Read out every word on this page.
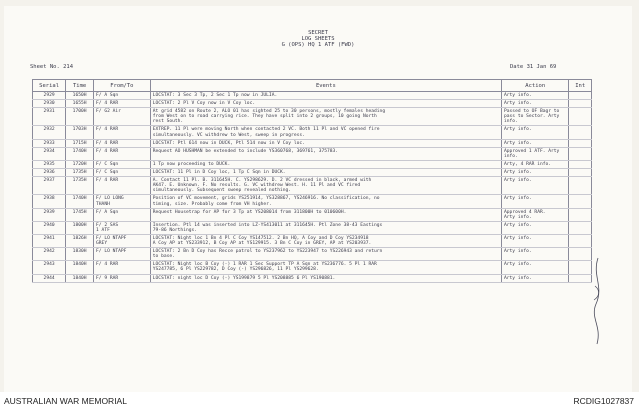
SECRET
LOG SHEETS
G (OPS) HQ 1 ATF (FWD)
Sheet No. 214	Date 31 Jan 69
Serial	Time	From/To	Events	Action	Int
2929	1650H	F/ A Sqn	LOCSTAT: 3 Sec 3 Tp, 2 Sec 1 Tp now in JULIA.	Arty info.	
2930	1655H	F/ 4 RAR	LOCSTAT: 2 Pl V Coy now in V Coy loc.	Arty info.	
2931	1700H	F/ G2 Air	At grid 4582 on Route 2, ALO 01 has sighted 25 to 30 persons, mostly females heading
from West on to road carrying rice. They have split into 2 groups, 10 going North
rest South.	Passed to OF Bagr to
pass to Sector. Arty
info.	
2932	1703H	F/ 4 RAR	EXTREP. 11 Pl were moving North when contacted 2 VC. Both 11 Pl and VC opened fire
simultaneously. VC withdrew to West, sweep in progress.	Arty info.	
2933	1715H	F/ 4 RAR	LOCSTAT: Ptl 614 now in DUCK, Ptl 514 now in V Coy loc.	Arty info.	
2934	1740H	F/ 4 RAR	Request AO HUSHMAN be extended to include YS360768, 369761, 375783.	Approved 1 ATF. Arty
info.	
2935	1720H	F/ C Sqn	1 Tp now proceeding to DUCK.	Arty, 4 RAR info.	
2936	1735H	F/ C Sqn	LOCSTAT: 11 Pl in D Coy loc, 1 Tp C Sqn in DUCK.	Arty info.	
2937	1735H	F/ 4 RAR	A. Contact 11 Pl. B. 311645H. C. YS298629. D. 2 VC dressed in black, armed with
AK47. E. Unknown. F. No results. G. VC withdrew West. H. 11 Pl and VC fired
simultaneously. Subsequent sweep revealed nothing.	Arty info.	
2938	1740H	F/ LO LONG
THANH	Position of VC movement, grids YS251914, YS328867, YS246916. No classification, no
timing, size. Probably come from VH higher.	Arty info.	
2939	1745H	F/ A Sqn	Request Housetrap for AP for 3 Tp at YS208014 from 311800H to 010600H.	Approved 4 RAR.
Arty info.	
2940	1800H	F/ 2 SAS
1 ATF	Insertion. Ptl 14 was inserted into LZ-YS413011 at 311645H. Ptl Zone 38-43 Eastings
79-86 Northings.	Arty info.	
2941	1826H	F/ LO NTAPF
GREY	LOCSTAT: Night loc 1 Bn 4 Pl C Coy YS147512. 2 Bn HQ, A Coy and D Coy YS234918
A Coy AP at YS233912, B Coy AP at YS129915. 3 Bn C Coy in GREY, AP at YS203937.	Arty info.	
2942	1830H	F/ LO NTAPF	LOCSTAT: 2 Bn D Coy has Recce patrol to YS237962 to YS223947 to YS226943 and return
to base.	Arty info.	
2943	1840H	F/ 4 RAR	LOCSTAT: Night loc B Coy (-) 1 RAR 1 Sec Support TP A Sqn at YS236776. 5 Pl 1 RAR
YS247785, 6 Pl YS229782, D Coy (-) YS296826, 11 Pl YS299628.	Arty info.	
2944	1840H	F/ 9 RAR	LOCSTAT: night loc D Coy (-) YS199879 5 Pl YS208885 6 Pl YS190881.	Arty info.	
AUSTRALIAN WAR MEMORIAL	RCDIG1027837
